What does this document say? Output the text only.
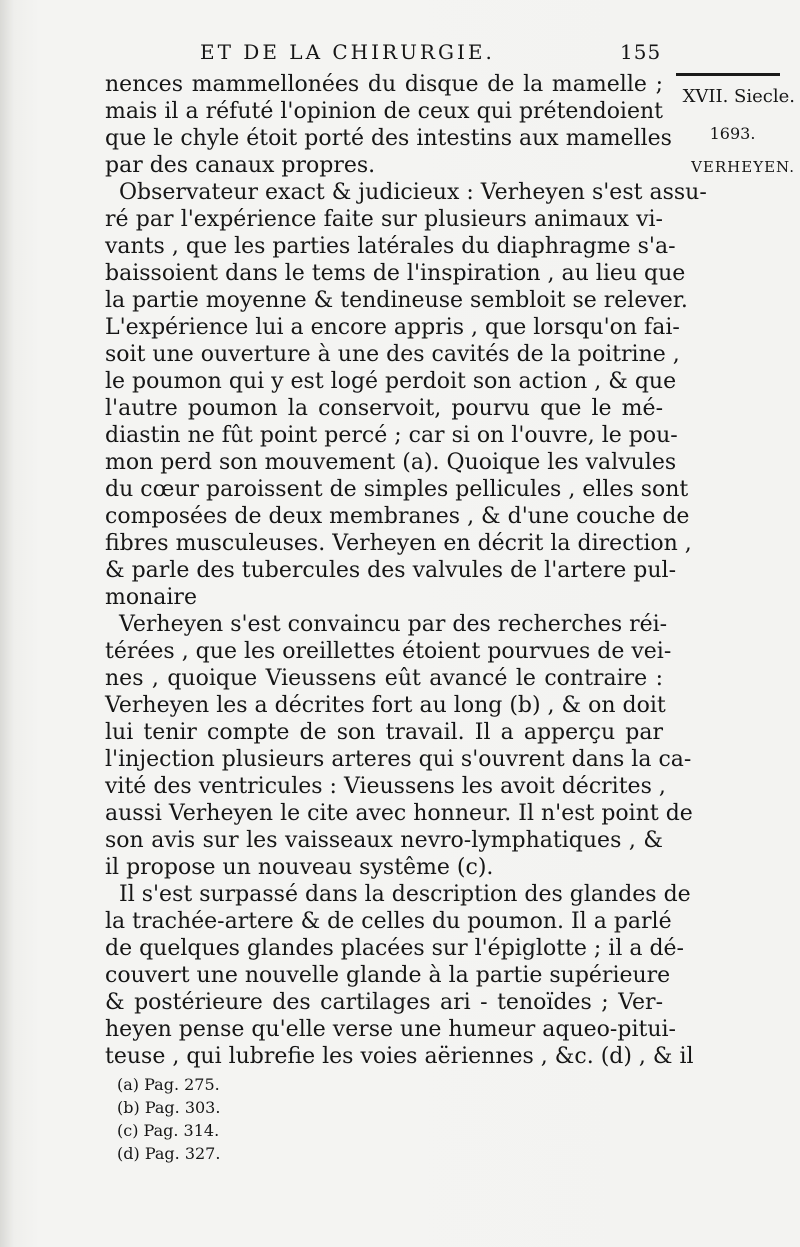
ET DE LA CHIRURGIE.	155
XVII. Siecle.
1693.
VERHEYEN.
nences mammellonées du disque de la mamelle ;
mais il a réfuté l'opinion de ceux qui prétendoient
que le chyle étoit porté des intestins aux mamelles
par des canaux propres.
Observateur exact & judicieux : Verheyen s'est assu-
ré par l'expérience faite sur plusieurs animaux vi-
vants , que les parties latérales du diaphragme s'a-
baissoient dans le tems de l'inspiration , au lieu que
la partie moyenne & tendineuse sembloit se relever.
L'expérience lui a encore appris , que lorsqu'on fai-
soit une ouverture à une des cavités de la poitrine ,
le poumon qui y est logé perdoit son action , & que
l'autre poumon la conservoit, pourvu que le mé-
diastin ne fût point percé ; car si on l'ouvre, le pou-
mon perd son mouvement (a). Quoique les valvules
du cœur paroissent de simples pellicules , elles sont
composées de deux membranes , & d'une couche de
fibres musculeuses. Verheyen en décrit la direction ,
& parle des tubercules des valvules de l'artere pul-
monaire
Verheyen s'est convaincu par des recherches réi-
térées , que les oreillettes étoient pourvues de vei-
nes , quoique Vieussens eût avancé le contraire :
Verheyen les a décrites fort au long (b) , & on doit
lui tenir compte de son travail. Il a apperçu par
l'injection plusieurs arteres qui s'ouvrent dans la ca-
vité des ventricules : Vieussens les avoit décrites ,
aussi Verheyen le cite avec honneur. Il n'est point de
son avis sur les vaisseaux nevro-lymphatiques , &
il propose un nouveau systême (c).
Il s'est surpassé dans la description des glandes de
la trachée-artere & de celles du poumon. Il a parlé
de quelques glandes placées sur l'épiglotte ; il a dé-
couvert une nouvelle glande à la partie supérieure
& postérieure des cartilages ari - tenoïdes ; Ver-
heyen pense qu'elle verse une humeur aqueo-pitui-
teuse , qui lubrefie les voies aëriennes , &c. (d) , & il
(a) Pag. 275.
(b) Pag. 303.
(c) Pag. 314.
(d) Pag. 327.
